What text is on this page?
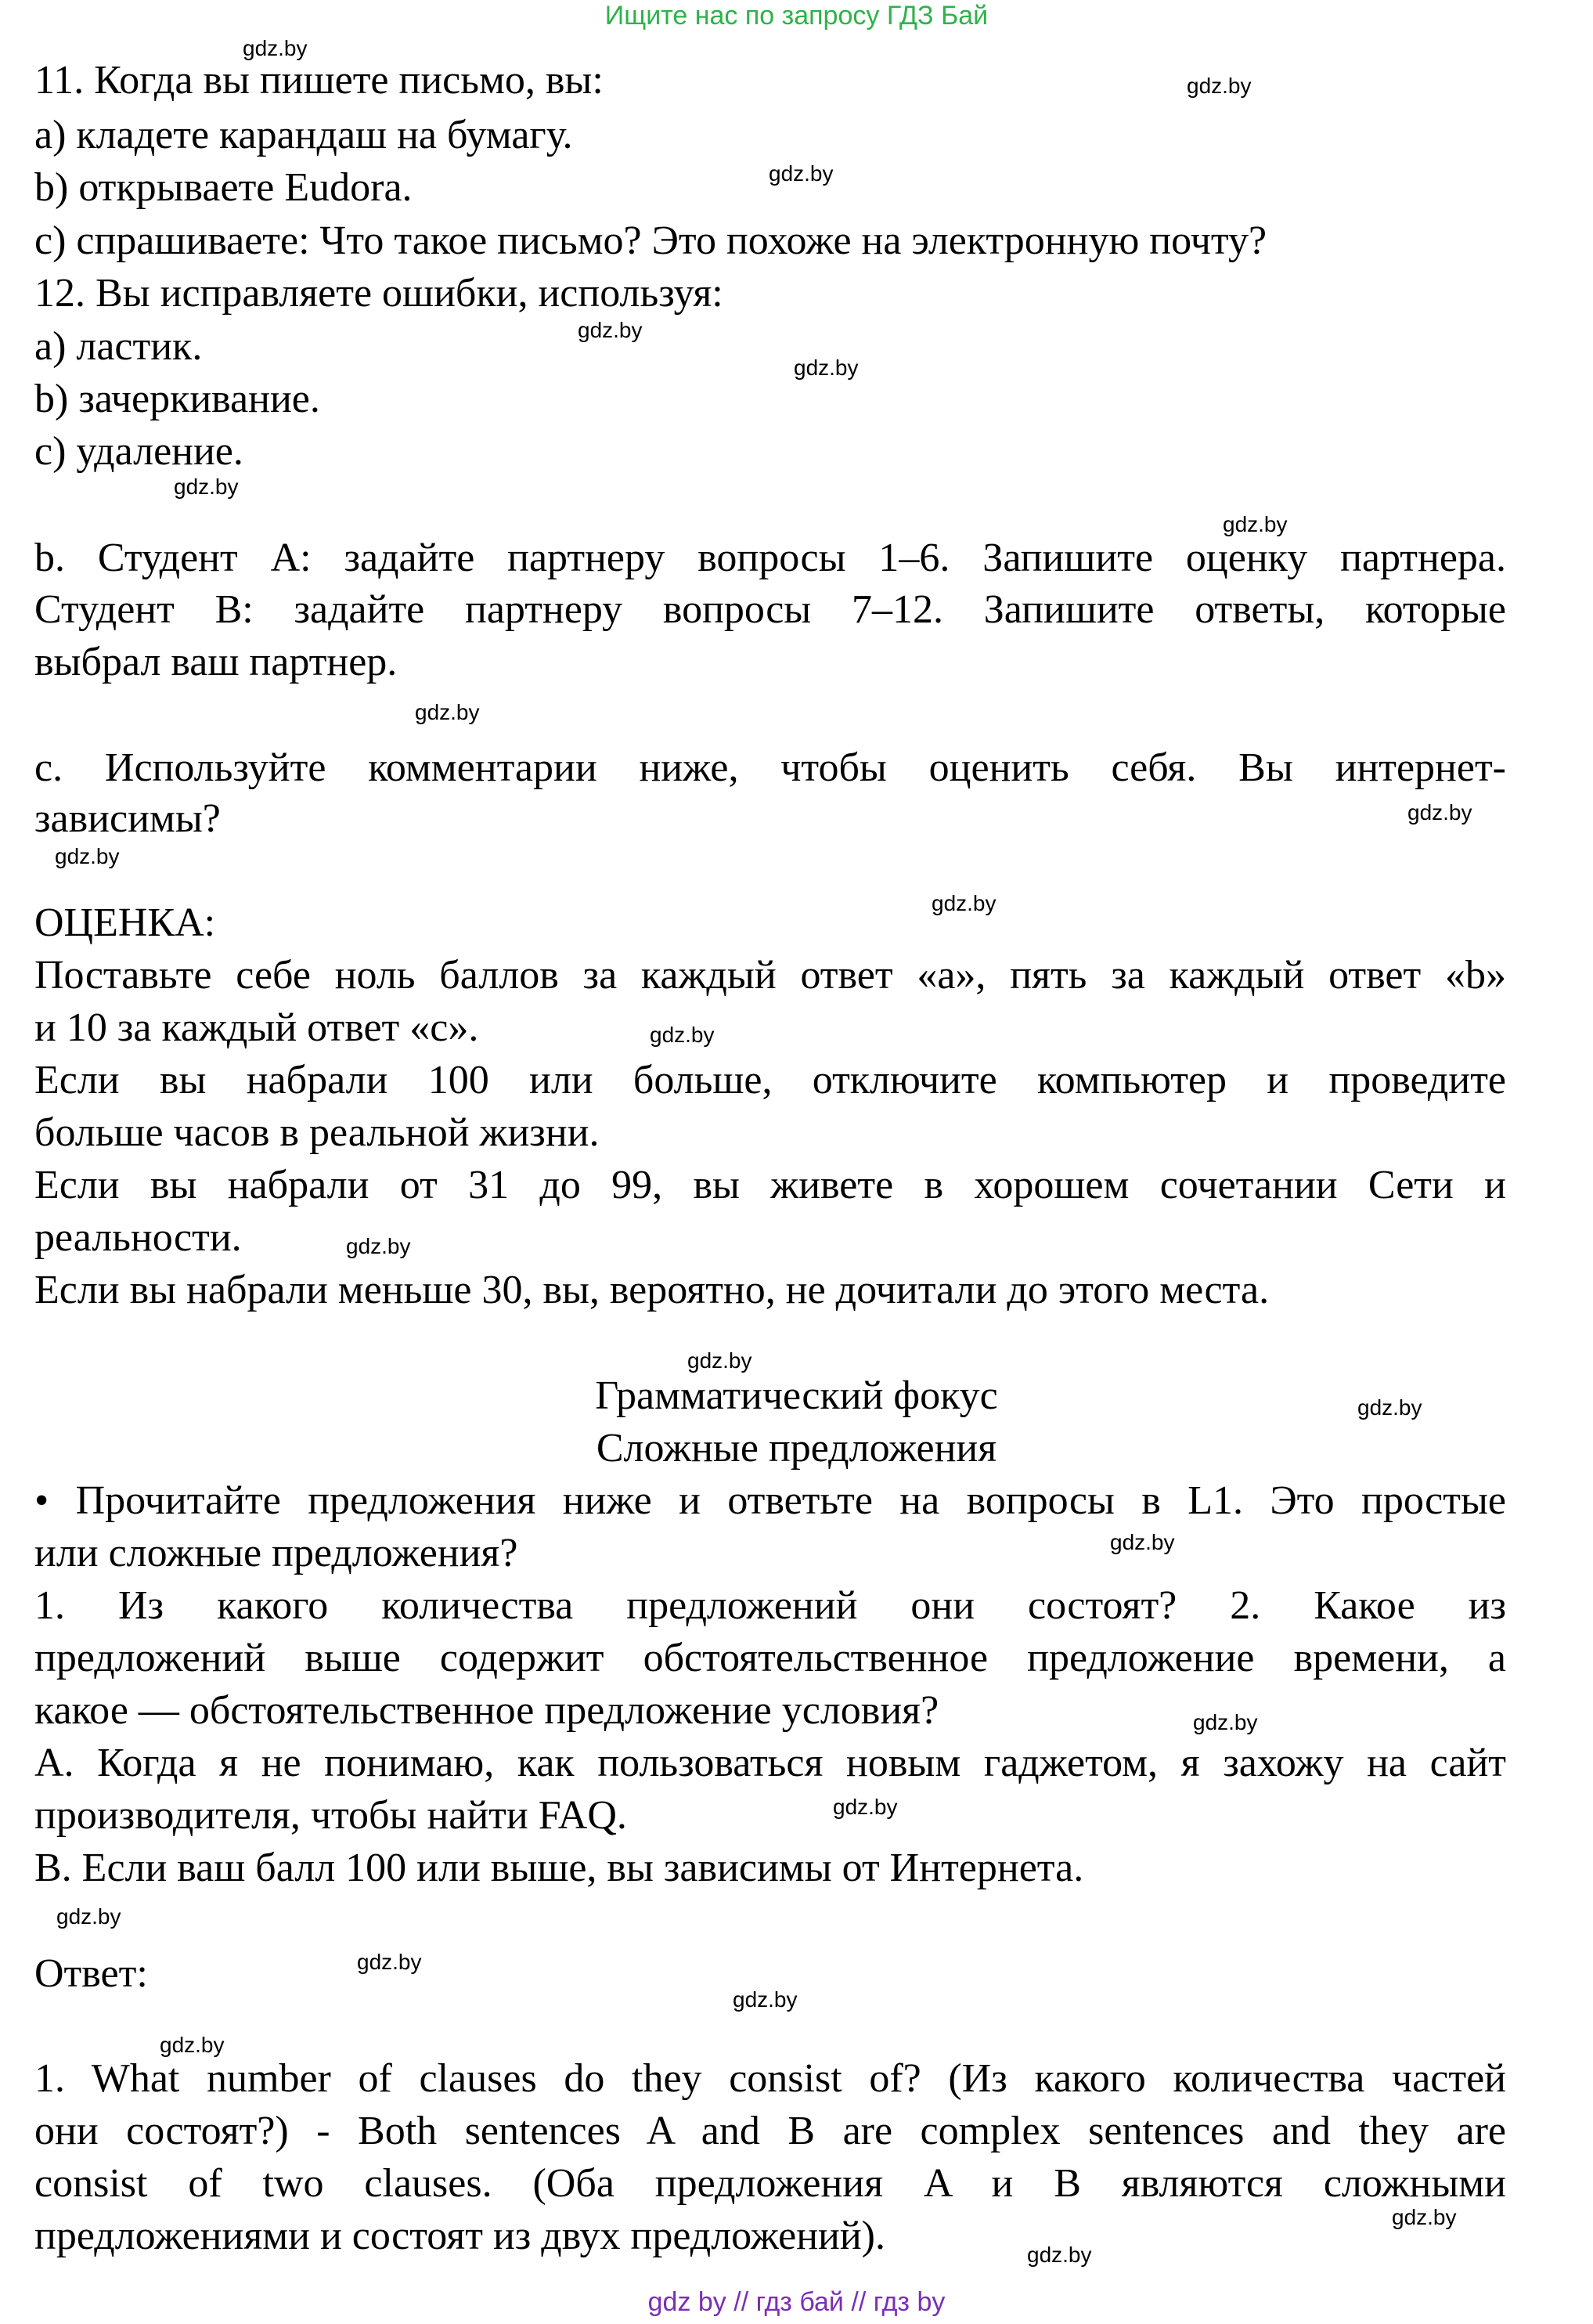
Ищите нас по запросу ГДЗ Бай
11. Когда вы пишете письмо, вы:
a) кладете карандаш на бумагу.
b) открываете Eudora.
c) спрашиваете: Что такое письмо? Это похоже на электронную почту?
12. Вы исправляете ошибки, используя:
a) ластик.
b) зачеркивание.
c) удаление.
b. Студент A: задайте партнеру вопросы 1–6. Запишите оценку партнера.
Студент B: задайте партнеру вопросы 7–12. Запишите ответы, которые
выбрал ваш партнер.
c. Используйте комментарии ниже, чтобы оценить себя. Вы интернет-
зависимы?
ОЦЕНКА:
Поставьте себе ноль баллов за каждый ответ «a», пять за каждый ответ «b»
и 10 за каждый ответ «c».
Если вы набрали 100 или больше, отключите компьютер и проведите
больше часов в реальной жизни.
Если вы набрали от 31 до 99, вы живете в хорошем сочетании Сети и
реальности.
Если вы набрали меньше 30, вы, вероятно, не дочитали до этого места.
Грамматический фокус
Сложные предложения
• Прочитайте предложения ниже и ответьте на вопросы в L1. Это простые
или сложные предложения?
1. Из какого количества предложений они состоят? 2. Какое из
предложений выше содержит обстоятельственное предложение времени, а
какое — обстоятельственное предложение условия?
A. Когда я не понимаю, как пользоваться новым гаджетом, я захожу на сайт
производителя, чтобы найти FAQ.
B. Если ваш балл 100 или выше, вы зависимы от Интернета.
Ответ:
1. What number of clauses do they consist of? (Из какого количества частей
они состоят?) - Both sentences A and B are complex sentences and they are
consist of two clauses. (Оба предложения A и B являются сложными
предложениями и состоят из двух предложений).
gdz.by
gdz.by
gdz.by
gdz.by
gdz.by
gdz.by
gdz.by
gdz.by
gdz.by
gdz.by
gdz.by
gdz.by
gdz.by
gdz.by
gdz.by
gdz.by
gdz.by
gdz.by
gdz.by
gdz.by
gdz.by
gdz.by
gdz.by
gdz.by
gdz by // гдз бай // гдз by
